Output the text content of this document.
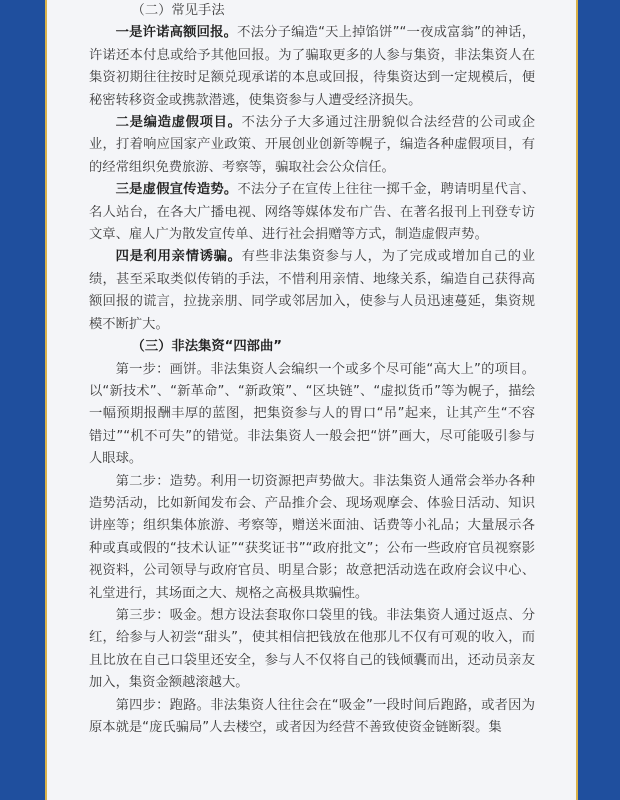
（二）常见手法

一是许诺高额回报。不法分子编造“天上掉馅饼”“一夜成富翁”的神话，许诺还本付息或给予其他回报。为了骗取更多的人参与集资，非法集资人在集资初期往往按时足额兑现承诺的本息或回报，待集资达到一定规模后，便秘密转移资金或携款潜逃，使集资参与人遭受经济损失。

二是编造虚假项目。不法分子大多通过注册貌似合法经营的公司或企业，打着响应国家产业政策、开展创业创新等幌子，编造各种虚假项目，有的经常组织免费旅游、考察等，骗取社会公众信任。

三是虚假宣传造势。不法分子在宣传上往往一掷千金，聘请明星代言、名人站台，在各大广播电视、网络等媒体发布广告、在著名报刊上刊登专访文章、雇人广为散发宣传单、进行社会捐赠等方式，制造虚假声势。

四是利用亲情诱骗。有些非法集资参与人，为了完成或增加自己的业绩，甚至采取类似传销的手法，不惜利用亲情、地缘关系，编造自己获得高额回报的谎言，拉拢亲朋、同学或邻居加入，使参与人员迅速蔓延，集资规模不断扩大。

（三）非法集资“四部曲”

第一步：画饼。非法集资人会编织一个或多个尽可能“高大上”的项目。以“新技术”、“新革命”、“新政策”、“区块链”、“虚拟货币”等为幌子，描绘一幅预期报酬丰厚的蓝图，把集资参与人的胃口“吊”起来，让其产生“不容错过”“机不可失”的错觉。非法集资人一般会把“饼”画大，尽可能吸引参与人眼球。

第二步：造势。利用一切资源把声势做大。非法集资人通常会举办各种造势活动，比如新闻发布会、产品推介会、现场观摩会、体验日活动、知识讲座等；组织集体旅游、考察等，赠送米面油、话费等小礼品；大量展示各种或真或假的“技术认证”“获奖证书”“政府批文”；公布一些政府官员视察影视资料，公司领导与政府官员、明星合影；故意把活动选在政府会议中心、礼堂进行，其场面之大、规格之高极具欺骗性。

第三步：吸金。想方设法套取你口袋里的钱。非法集资人通过返点、分红，给参与人初尝“甜头”，使其相信把钱放在他那儿不仅有可观的收入，而且比放在自己口袋里还安全，参与人不仅将自己的钱倾囊而出，还动员亲友加入，集资金额越滚越大。

第四步：跑路。非法集资人往往会在“吸金”一段时间后跑路，或者因为原本就是“庞氏骗局”人去楼空，或者因为经营不善致使资金链断裂。集
